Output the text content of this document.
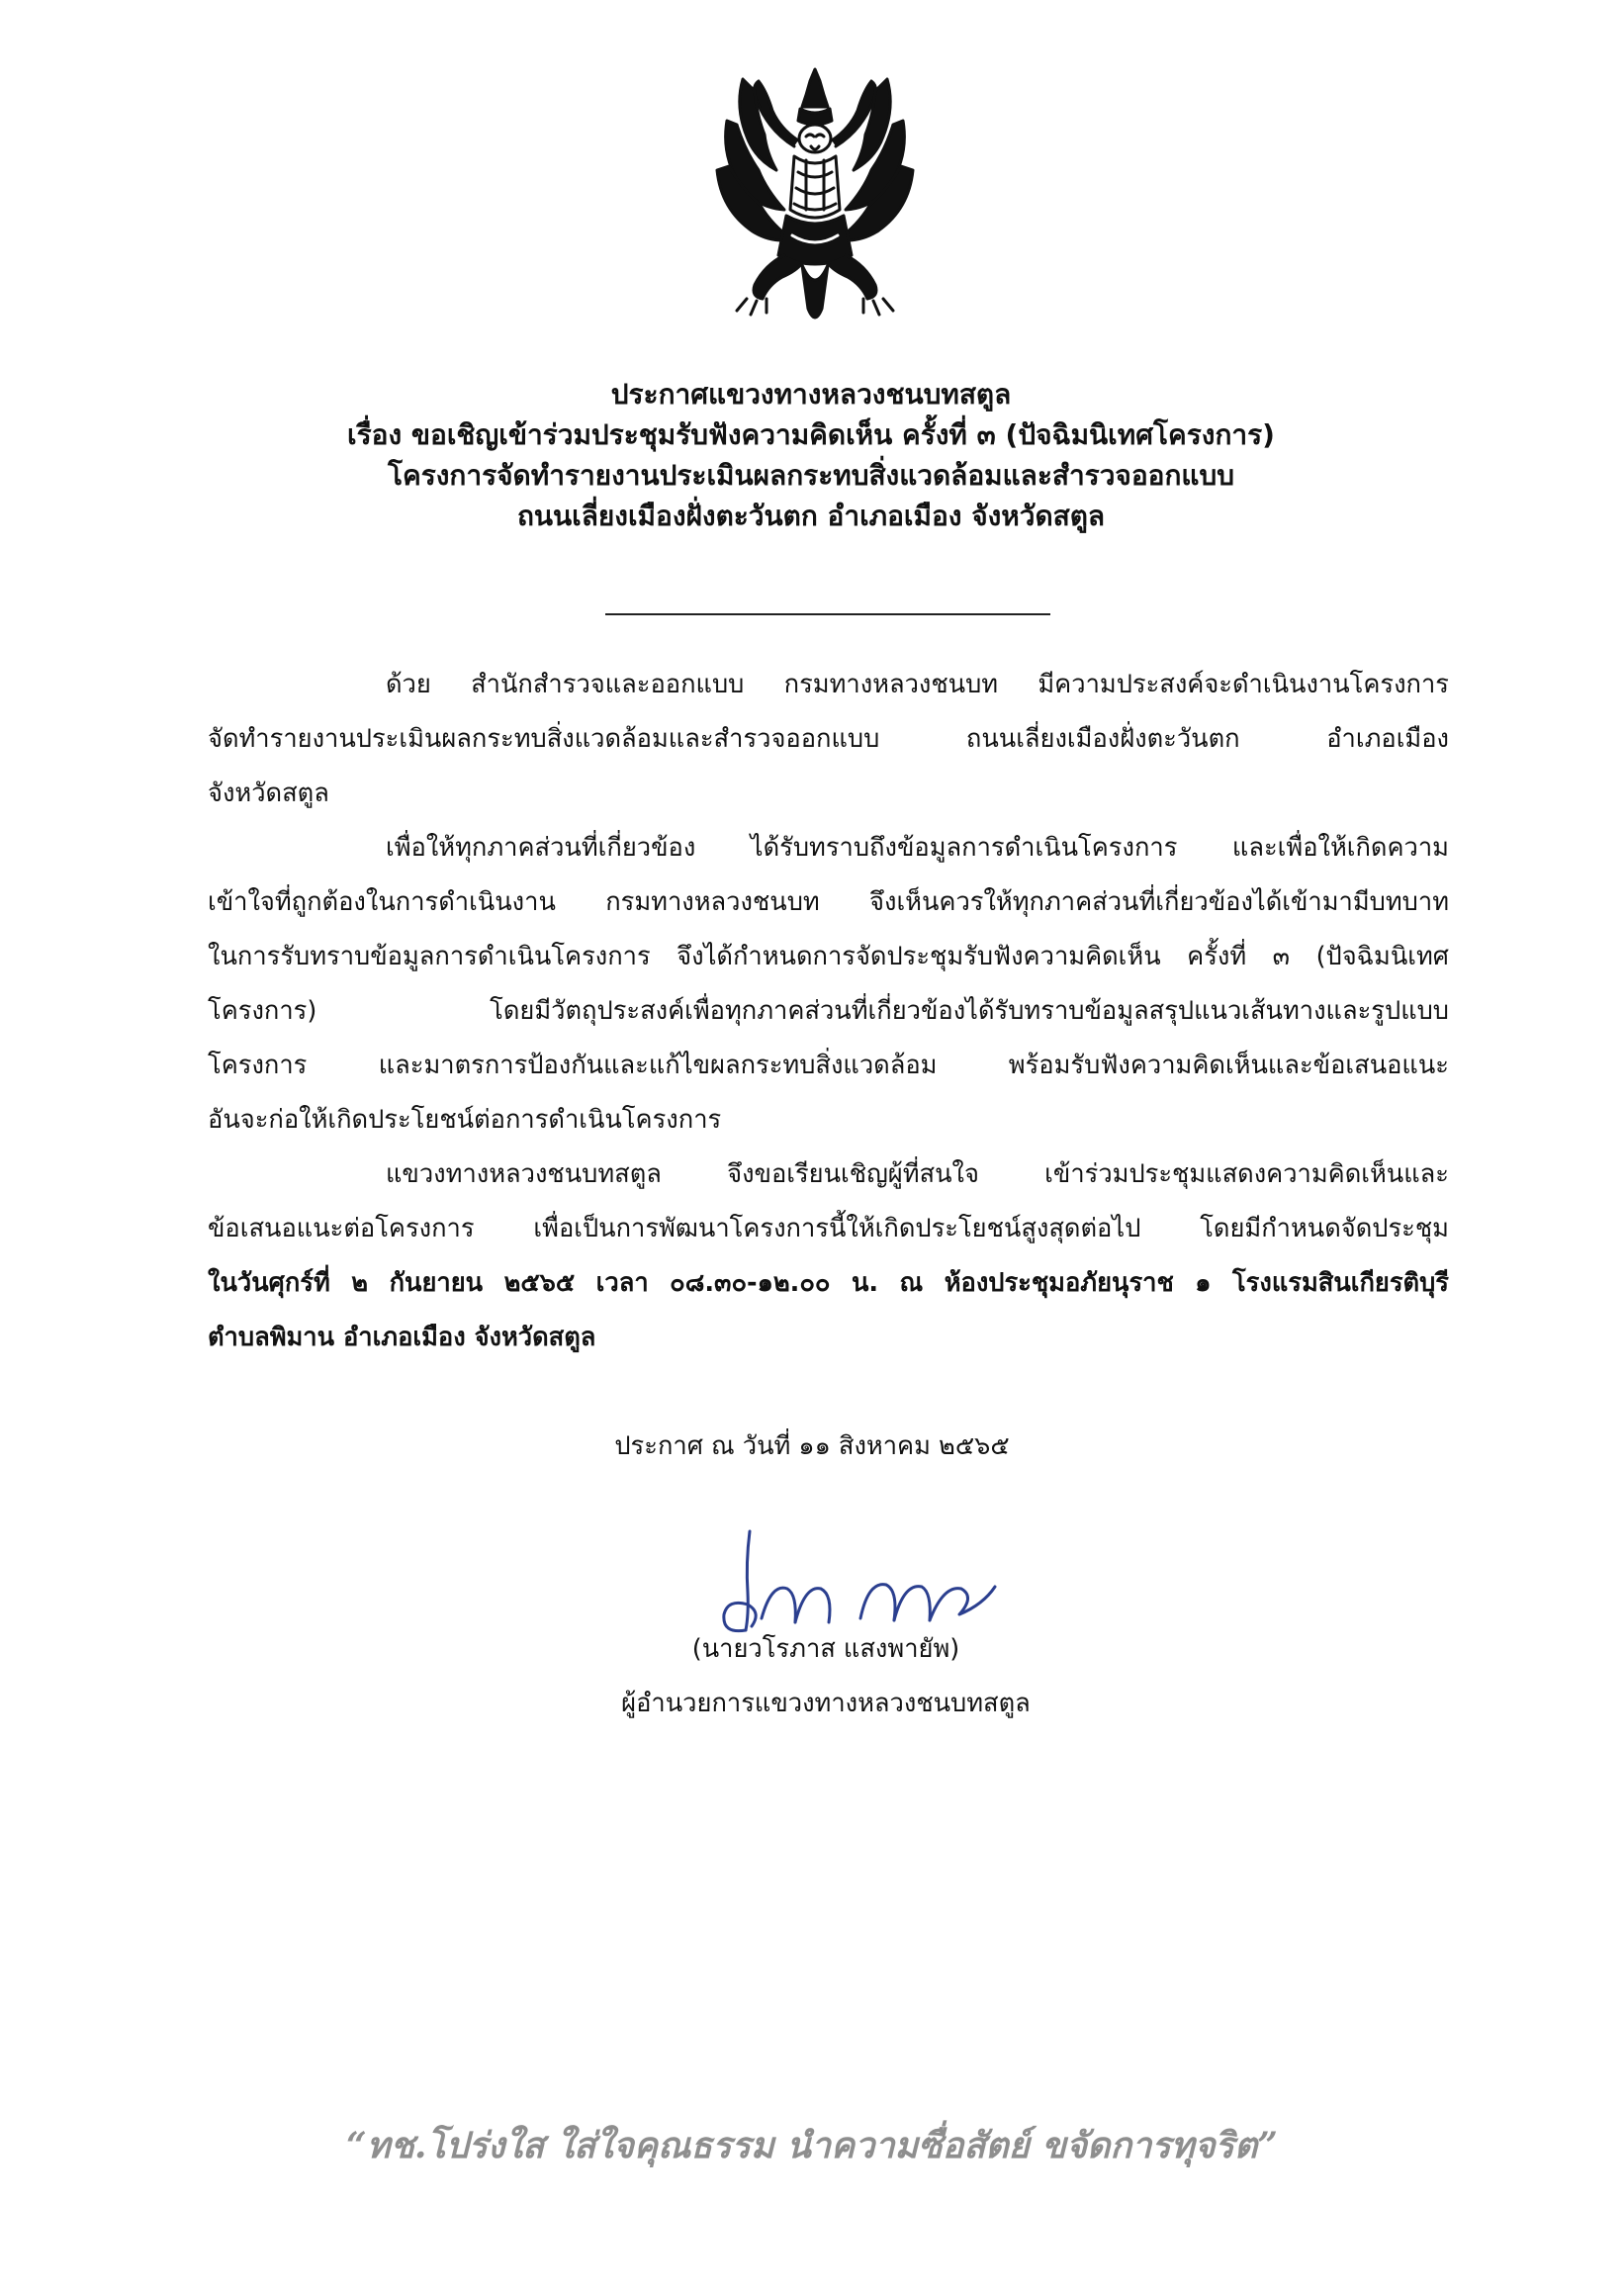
ประกาศแขวงทางหลวงชนบทสตูล
เรื่อง ขอเชิญเข้าร่วมประชุมรับฟังความคิดเห็น ครั้งที่ ๓ (ปัจฉิมนิเทศโครงการ)
โครงการจัดทำรายงานประเมินผลกระทบสิ่งแวดล้อมและสำรวจออกแบบ
ถนนเลี่ยงเมืองฝั่งตะวันตก อำเภอเมือง จังหวัดสตูล
ด้วย สำนักสำรวจและออกแบบ กรมทางหลวงชนบท มีความประสงค์จะดำเนินงานโครงการ
จัดทำรายงานประเมินผลกระทบสิ่งแวดล้อมและสำรวจออกแบบ ถนนเลี่ยงเมืองฝั่งตะวันตก อำเภอเมือง
จังหวัดสตูล
เพื่อให้ทุกภาคส่วนที่เกี่ยวข้อง ได้รับทราบถึงข้อมูลการดำเนินโครงการ และเพื่อให้เกิดความ
เข้าใจที่ถูกต้องในการดำเนินงาน กรมทางหลวงชนบท จึงเห็นควรให้ทุกภาคส่วนที่เกี่ยวข้องได้เข้ามามีบทบาท
ในการรับทราบข้อมูลการดำเนินโครงการ จึงได้กำหนดการจัดประชุมรับฟังความคิดเห็น ครั้งที่ ๓ (ปัจฉิมนิเทศ
โครงการ) โดยมีวัตถุประสงค์เพื่อทุกภาคส่วนที่เกี่ยวข้องได้รับทราบข้อมูลสรุปแนวเส้นทางและรูปแบบ
โครงการ และมาตรการป้องกันและแก้ไขผลกระทบสิ่งแวดล้อม พร้อมรับฟังความคิดเห็นและข้อเสนอแนะ
อันจะก่อให้เกิดประโยชน์ต่อการดำเนินโครงการ
แขวงทางหลวงชนบทสตูล จึงขอเรียนเชิญผู้ที่สนใจ เข้าร่วมประชุมแสดงความคิดเห็นและ
ข้อเสนอแนะต่อโครงการ เพื่อเป็นการพัฒนาโครงการนี้ให้เกิดประโยชน์สูงสุดต่อไป โดยมีกำหนดจัดประชุม
ในวันศุกร์ที่ ๒ กันยายน ๒๕๖๕ เวลา ๐๘.๓๐-๑๒.๐๐ น. ณ ห้องประชุมอภัยนุราช ๑ โรงแรมสินเกียรติบุรี
ตำบลพิมาน อำเภอเมือง จังหวัดสตูล
ประกาศ ณ วันที่ ๑๑ สิงหาคม ๒๕๖๕
(นายวโรภาส แสงพายัพ)
ผู้อำนวยการแขวงทางหลวงชนบทสตูล
“ทช.โปร่งใส ใส่ใจคุณธรรม นำความซื่อสัตย์ ขจัดการทุจริต”
